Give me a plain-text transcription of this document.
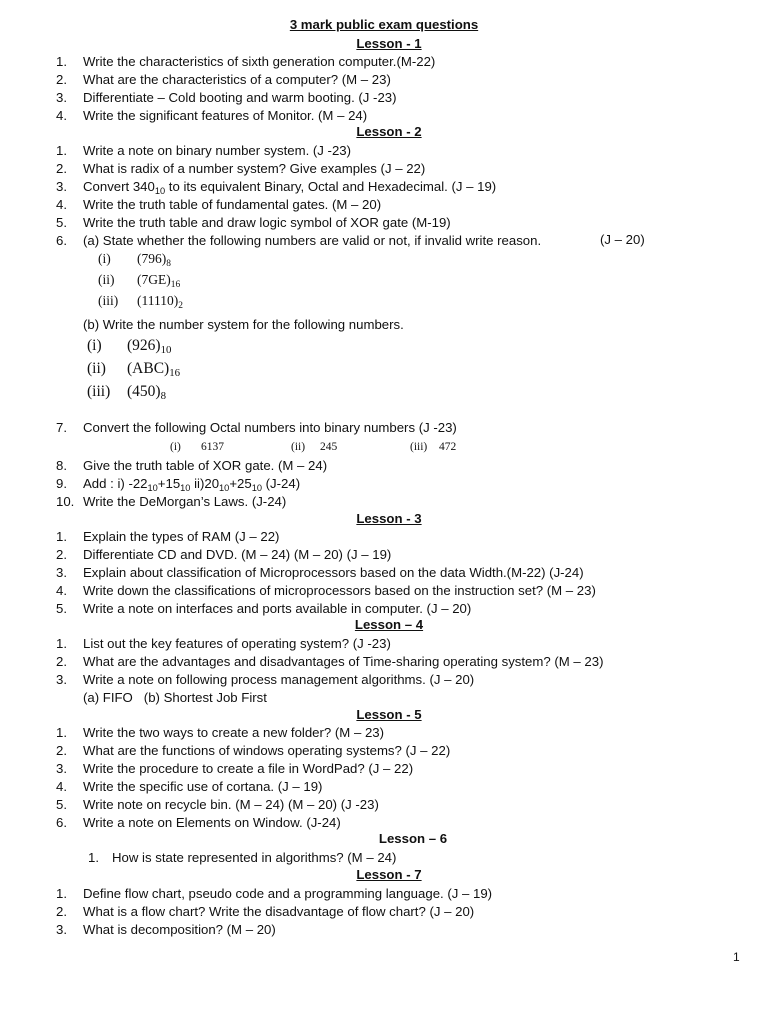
3 mark public exam questions
Lesson - 1
1. Write the characteristics of sixth generation computer.(M-22)
2. What are the characteristics of a computer? (M – 23)
3. Differentiate – Cold booting and warm booting. (J -23)
4. Write the significant features of Monitor. (M – 24)
Lesson - 2
1. Write a note on binary number system. (J -23)
2. What is radix of a number system? Give examples (J – 22)
3. Convert $340_{10}$ to its equivalent Binary, Octal and Hexadecimal. (J – 19)
4. Write the truth table of fundamental gates. (M – 20)
5. Write the truth table and draw logic symbol of XOR gate (M-19)
6. (a) State whether the following numbers are valid or not, if invalid write reason.	(J – 20)
(i) $(796)_8$
(ii) $(7GE)_{16}$
(iii) $(11110)_2$
(b) Write the number system for the following numbers.
(i) $(926)_{10}$
(ii) $(ABC)_{16}$
(iii) $(450)_8$
7. Convert the following Octal numbers into binary numbers (J -23)
(i) 6137	(ii) 245	(iii) 472
8. Give the truth table of XOR gate. (M – 24)
9. Add : i) $-22_{10}+15_{10}$ $ii)20_{10}+25_{10}$ (J-24)
10. Write the DeMorgan’s Laws. (J-24)
Lesson - 3
1. Explain the types of RAM (J – 22)
2. Differentiate CD and DVD. (M – 24) (M – 20) (J – 19)
3. Explain about classification of Microprocessors based on the data Width.(M-22) (J-24)
4. Write down the classifications of microprocessors based on the instruction set? (M – 23)
5. Write a note on interfaces and ports available in computer. (J – 20)
Lesson – 4
1. List out the key features of operating system? (J -23)
2. What are the advantages and disadvantages of Time-sharing operating system? (M – 23)
3. Write a note on following process management algorithms. (J – 20)
(a) FIFO   (b) Shortest Job First
Lesson - 5
1. Write the two ways to create a new folder? (M – 23)
2. What are the functions of windows operating systems? (J – 22)
3. Write the procedure to create a file in WordPad? (J – 22)
4. Write the specific use of cortana. (J – 19)
5. Write note on recycle bin. (M – 24) (M – 20) (J -23)
6. Write a note on Elements on Window. (J-24)
Lesson – 6
1. How is state represented in algorithms? (M – 24)
Lesson - 7
1. Define flow chart, pseudo code and a programming language. (J – 19)
2. What is a flow chart? Write the disadvantage of flow chart? (J – 20)
3. What is decomposition? (M – 20)
1
